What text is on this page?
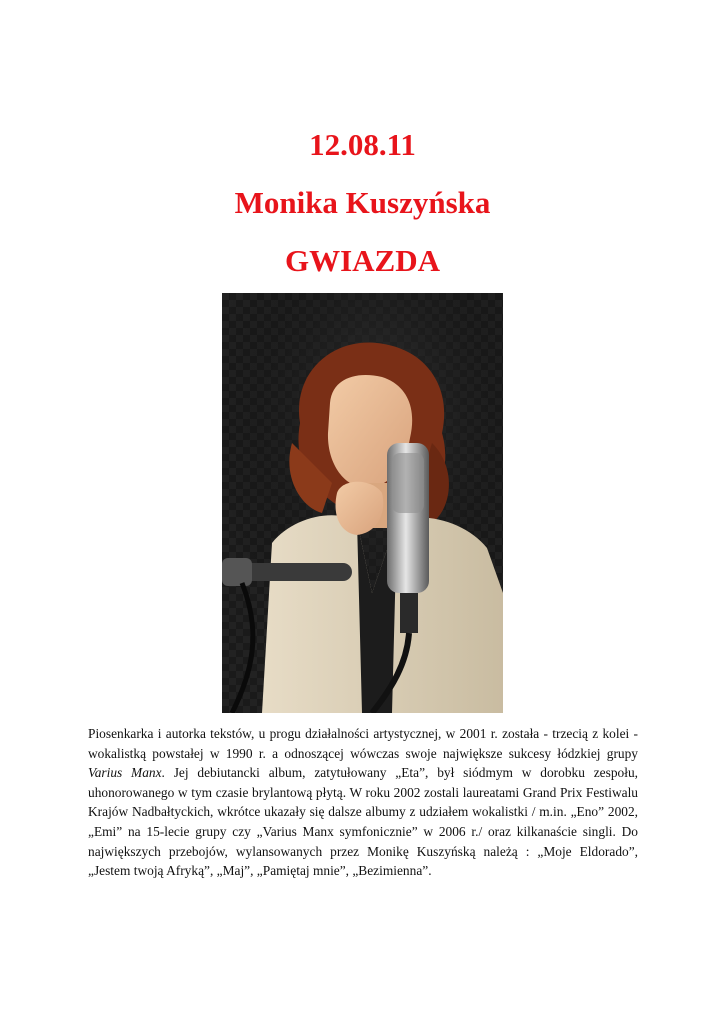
12.08.11
Monika Kuszyńska
GWIAZDA

Piosenkarka i autorka tekstów, u progu działalności artystycznej, w 2001 r. została - trzecią z kolei - wokalistką powstałej w 1990 r. a odnoszącej wówczas swoje największe sukcesy łódzkiej grupy Varius Manx. Jej debiutancki album, zatytułowany „Eta”, był siódmym w dorobku zespołu, uhonorowanego w tym czasie brylantową płytą. W roku 2002 zostali laureatami Grand Prix Festiwalu Krajów Nadbałtyckich, wkrótce ukazały się dalsze albumy z udziałem wokalistki / m.in. „Eno” 2002, „Emi” na 15-lecie grupy czy „Varius Manx symfonicznie” w 2006 r./ oraz kilkanaście singli. Do największych przebojów, wylansowanych przez Monikę Kuszyńską należą : „Moje Eldorado”, „Jestem twoją Afryką”, „Maj”, „Pamiętaj mnie”, „Bezimienna”.
